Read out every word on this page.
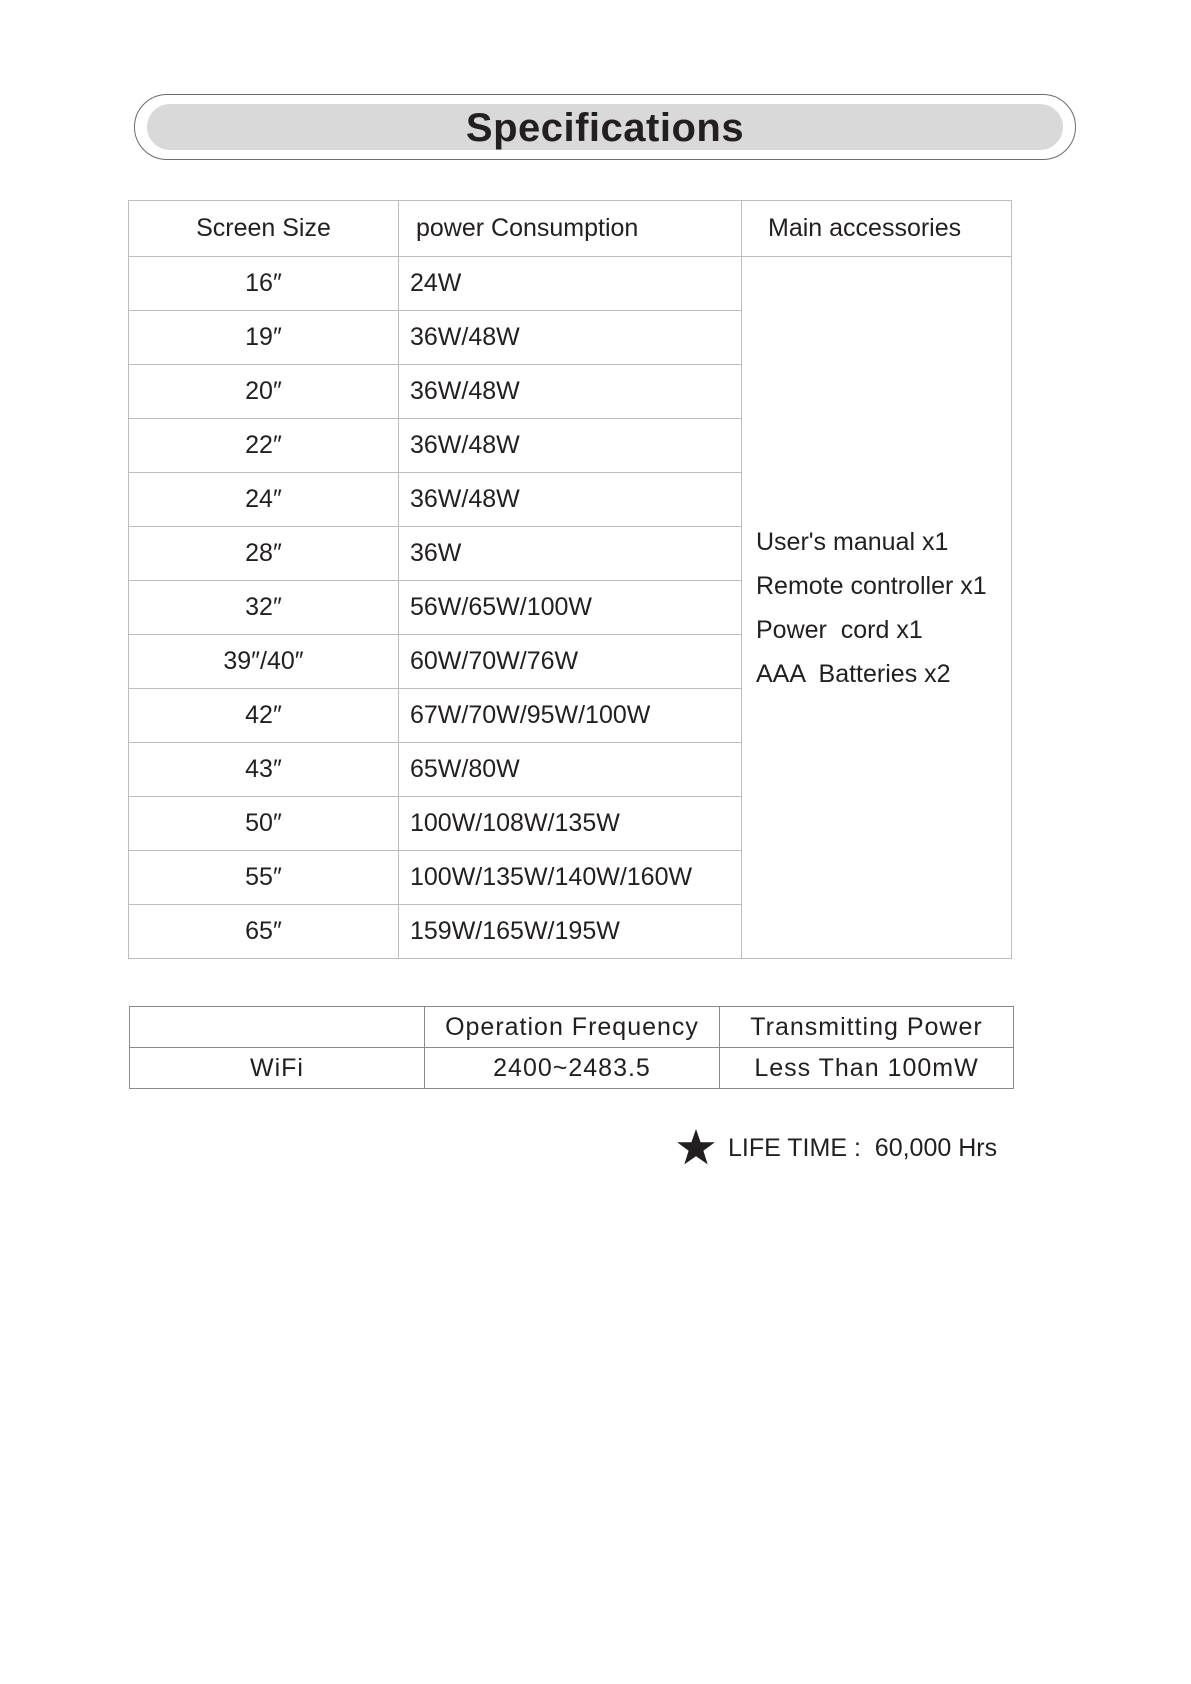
Specifications
Screen Size	power Consumption	Main accessories
16″	24W	User's manual x1
Remote controller x1
Power  cord x1
AAA  Batteries x2

19″	36W/48W	
20″	36W/48W	
22″	36W/48W	
24″	36W/48W	
28″	36W	
32″	56W/65W/100W	
39″/40″	60W/70W/76W	
42″	67W/70W/95W/100W	
43″	65W/80W	
50″	100W/108W/135W	
55″	100W/135W/140W/160W	
65″	159W/165W/195W	
	Operation Frequency	Transmitting Power
WiFi	2400~2483.5	Less Than 100mW
LIFE TIME :  60,000 Hrs
